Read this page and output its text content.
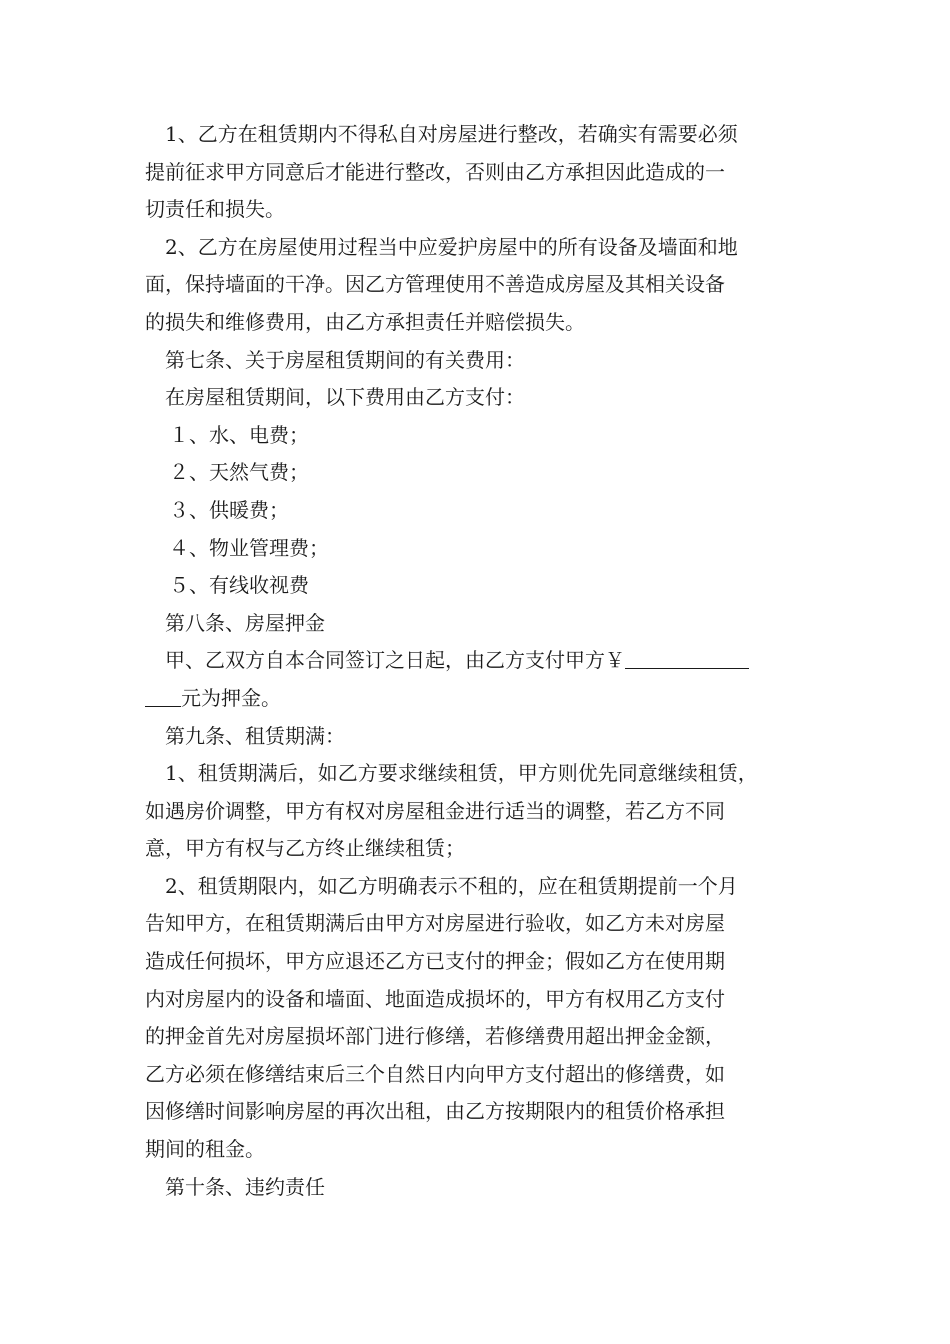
1、乙方在租赁期内不得私自对房屋进行整改，若确实有需要必须
提前征求甲方同意后才能进行整改，否则由乙方承担因此造成的一
切责任和损失。
2、乙方在房屋使用过程当中应爱护房屋中的所有设备及墙面和地
面，保持墙面的干净。因乙方管理使用不善造成房屋及其相关设备
的损失和维修费用，由乙方承担责任并赔偿损失。
第七条、关于房屋租赁期间的有关费用：
在房屋租赁期间，以下费用由乙方支付：
１、水、电费；
２、天然气费；
３、供暖费；
４、物业管理费；
５、有线收视费
第八条、房屋押金
甲、乙双方自本合同签订之日起，由乙方支付甲方￥
元为押金。
第九条、租赁期满：
1、租赁期满后，如乙方要求继续租赁，甲方则优先同意继续租赁，
如遇房价调整，甲方有权对房屋租金进行适当的调整，若乙方不同
意，甲方有权与乙方终止继续租赁；
2、租赁期限内，如乙方明确表示不租的，应在租赁期提前一个月
告知甲方，在租赁期满后由甲方对房屋进行验收，如乙方未对房屋
造成任何损坏，甲方应退还乙方已支付的押金；假如乙方在使用期
内对房屋内的设备和墙面、地面造成损坏的，甲方有权用乙方支付
的押金首先对房屋损坏部门进行修缮，若修缮费用超出押金金额，
乙方必须在修缮结束后三个自然日内向甲方支付超出的修缮费，如
因修缮时间影响房屋的再次出租，由乙方按期限内的租赁价格承担
期间的租金。
第十条、违约责任
